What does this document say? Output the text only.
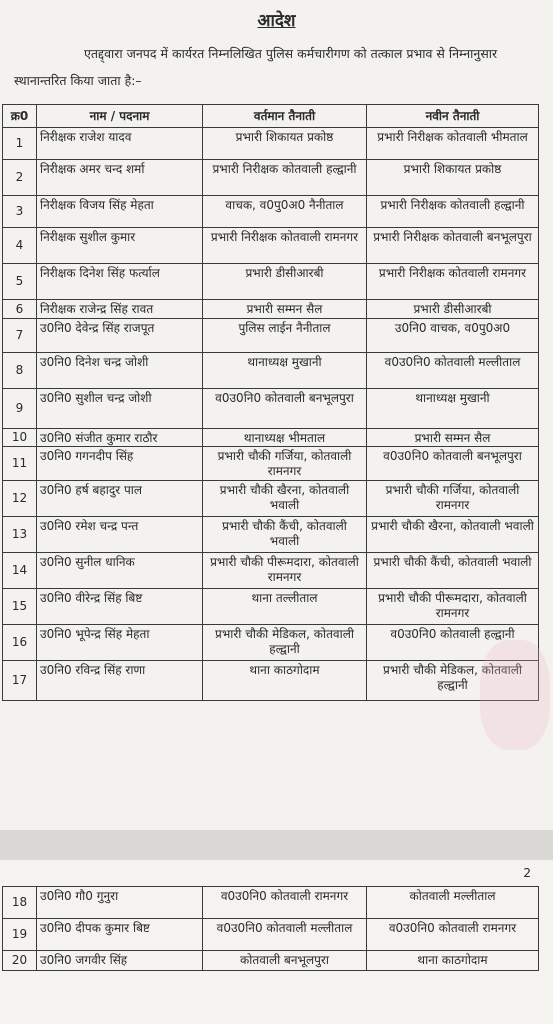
आदेश
एतद्द्वारा जनपद में कार्यरत निम्नलिखित पुलिस कर्मचारीगण को तत्काल प्रभाव से निम्नानुसार स्थानान्तरित किया जाता है:–
क्र0	नाम / पदनाम	वर्तमान तैनाती	नवीन तैनाती
1	निरीक्षक राजेश यादव	प्रभारी शिकायत प्रकोष्ठ	प्रभारी निरीक्षक कोतवाली भीमताल
2	निरीक्षक अमर चन्द शर्मा	प्रभारी निरीक्षक कोतवाली हल्द्वानी	प्रभारी शिकायत प्रकोष्ठ
3	निरीक्षक विजय सिंह मेहता	वाचक, व0पु0अ0 नैनीताल	प्रभारी निरीक्षक कोतवाली हल्द्वानी
4	निरीक्षक सुशील कुमार	प्रभारी निरीक्षक कोतवाली रामनगर	प्रभारी निरीक्षक कोतवाली बनभूलपुरा
5	निरीक्षक दिनेश सिंह फर्त्याल	प्रभारी डीसीआरबी	प्रभारी निरीक्षक कोतवाली रामनगर
6	निरीक्षक राजेन्द्र सिंह रावत	प्रभारी सम्मन सैल	प्रभारी डीसीआरबी
7	उ0नि0 देवेन्द्र सिंह राजपूत	पुलिस लाईन नैनीताल	उ0नि0 वाचक, व0पु0अ0
8	उ0नि0 दिनेश चन्द्र जोशी	थानाध्यक्ष मुखानी	व0उ0नि0 कोतवाली मल्लीताल
9	उ0नि0 सुशील चन्द्र जोशी	व0उ0नि0 कोतवाली बनभूलपुरा	थानाध्यक्ष मुखानी
10	उ0नि0 संजीत कुमार राठौर	थानाध्यक्ष भीमताल	प्रभारी सम्मन सैल
11	उ0नि0 गगनदीप सिंह	प्रभारी चौकी गर्जिया, कोतवाली रामनगर	व0उ0नि0 कोतवाली बनभूलपुरा
12	उ0नि0 हर्ष बहादुर पाल	प्रभारी चौकी खैरना, कोतवाली भवाली	प्रभारी चौकी गर्जिया, कोतवाली रामनगर
13	उ0नि0 रमेश चन्द्र पन्त	प्रभारी चौकी कैंची, कोतवाली भवाली	प्रभारी चौकी खैरना, कोतवाली भवाली
14	उ0नि0 सुनील धानिक	प्रभारी चौकी पीरूमदारा, कोतवाली रामनगर	प्रभारी चौकी कैंची, कोतवाली भवाली
15	उ0नि0 वीरेन्द्र सिंह बिष्ट	थाना तल्लीताल	प्रभारी चौकी पीरूमदारा, कोतवाली रामनगर
16	उ0नि0 भूपेन्द्र सिंह मेहता	प्रभारी चौकी मेडिकल, कोतवाली हल्द्वानी	व0उ0नि0 कोतवाली हल्द्वानी
17	उ0नि0 रविन्द्र सिंह राणा	थाना काठगोदाम	प्रभारी चौकी मेडिकल, कोतवाली हल्द्वानी
2
18	उ0नि0 गौ0 गुनुरा	व0उ0नि0 कोतवाली रामनगर	कोतवाली मल्लीताल
19	उ0नि0 दीपक कुमार बिष्ट	व0उ0नि0 कोतवाली मल्लीताल	व0उ0नि0 कोतवाली रामनगर
20	उ0नि0 जगवीर सिंह	कोतवाली बनभूलपुरा	थाना काठगोदाम
